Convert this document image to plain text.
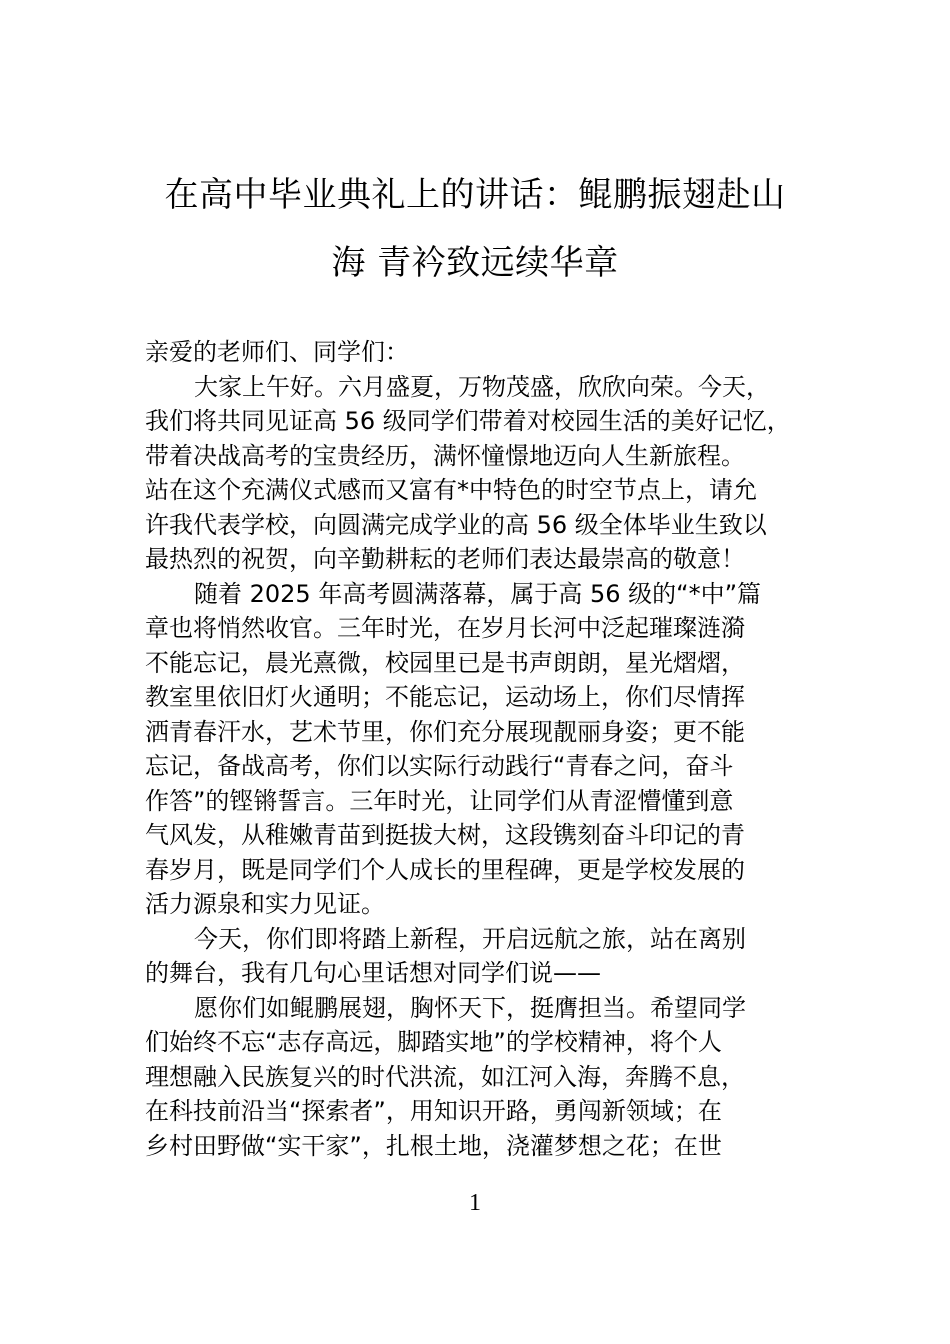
在高中毕业典礼上的讲话：鲲鹏振翅赴山
海 青衿致远续华章
亲爱的老师们、同学们：
大家上午好。六月盛夏，万物茂盛，欣欣向荣。今天，
我们将共同见证高 56 级同学们带着对校园生活的美好记忆，
带着决战高考的宝贵经历，满怀憧憬地迈向人生新旅程。
站在这个充满仪式感而又富有*中特色的时空节点上，请允
许我代表学校，向圆满完成学业的高 56 级全体毕业生致以
最热烈的祝贺，向辛勤耕耘的老师们表达最崇高的敬意！
随着 2025 年高考圆满落幕，属于高 56 级的“*中”篇
章也将悄然收官。三年时光，在岁月长河中泛起璀璨涟漪
不能忘记，晨光熹微，校园里已是书声朗朗，星光熠熠，
教室里依旧灯火通明；不能忘记，运动场上，你们尽情挥
洒青春汗水，艺术节里，你们充分展现靓丽身姿；更不能
忘记，备战高考，你们以实际行动践行“青春之问，奋斗
作答”的铿锵誓言。三年时光，让同学们从青涩懵懂到意
气风发，从稚嫩青苗到挺拔大树，这段镌刻奋斗印记的青
春岁月，既是同学们个人成长的里程碑，更是学校发展的
活力源泉和实力见证。
今天，你们即将踏上新程，开启远航之旅，站在离别
的舞台，我有几句心里话想对同学们说——
愿你们如鲲鹏展翅，胸怀天下，挺膺担当。希望同学
们始终不忘“志存高远，脚踏实地”的学校精神，将个人
理想融入民族复兴的时代洪流，如江河入海，奔腾不息，
在科技前沿当“探索者”，用知识开路，勇闯新领域；在
乡村田野做“实干家”，扎根土地，浇灌梦想之花；在世
1
